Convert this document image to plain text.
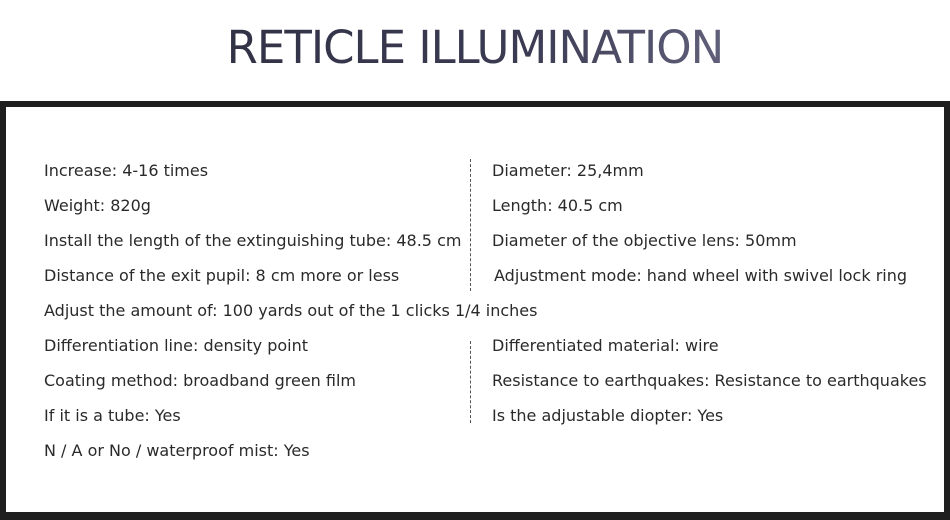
RETICLE ILLUMINATION
Increase: 4-16 times	Diameter: 25,4mm
Weight: 820g	Length: 40.5 cm
Install the length of the extinguishing tube: 48.5 cm Diameter of the objective lens: 50mm
Distance of the exit pupil: 8 cm more or less	Adjustment mode: hand wheel with swivel lock ring
Adjust the amount of: 100 yards out of the 1 clicks 1/4 inches
Differentiation line: density point	Differentiated material: wire
Coating method: broadband green film	Resistance to earthquakes: Resistance to earthquakes
If it is a tube: Yes	Is the adjustable diopter: Yes
N / A or No / waterproof mist: Yes
